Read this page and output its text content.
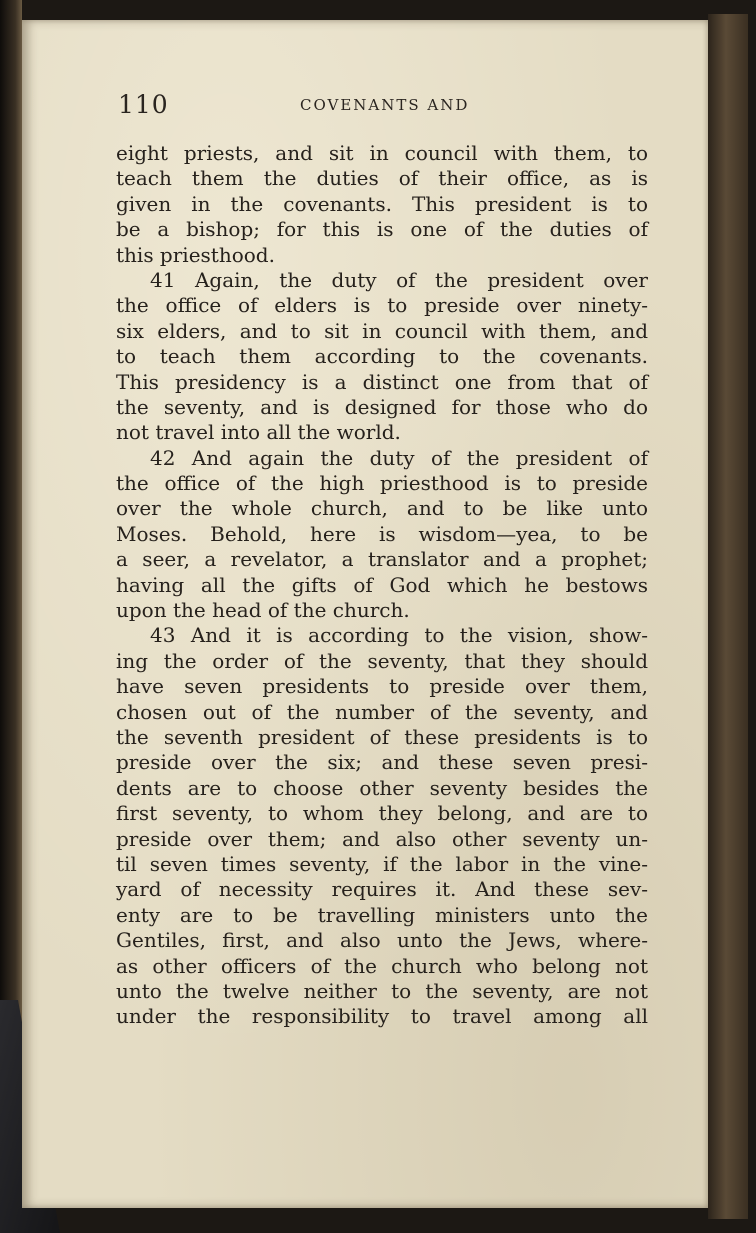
110	COVENANTS AND
eight priests, and sit in council with them, to
teach them the duties of their office, as is
given in the covenants. This president is to
be a bishop; for this is one of the duties of
this priesthood.
41 Again, the duty of the president over
the office of elders is to preside over ninety-
six elders, and to sit in council with them, and
to teach them according to the covenants.
This presidency is a distinct one from that of
the seventy, and is designed for those who do
not travel into all the world.
42 And again the duty of the president of
the office of the high priesthood is to preside
over the whole church, and to be like unto
Moses. Behold, here is wisdom—yea, to be
a seer, a revelator, a translator and a prophet;
having all the gifts of God which he bestows
upon the head of the church.
43 And it is according to the vision, show-
ing the order of the seventy, that they should
have seven presidents to preside over them,
chosen out of the number of the seventy, and
the seventh president of these presidents is to
preside over the six; and these seven presi-
dents are to choose other seventy besides the
first seventy, to whom they belong, and are to
preside over them; and also other seventy un-
til seven times seventy, if the labor in the vine-
yard of necessity requires it. And these sev-
enty are to be travelling ministers unto the
Gentiles, first, and also unto the Jews, where-
as other officers of the church who belong not
unto the twelve neither to the seventy, are not
under the responsibility to travel among all
